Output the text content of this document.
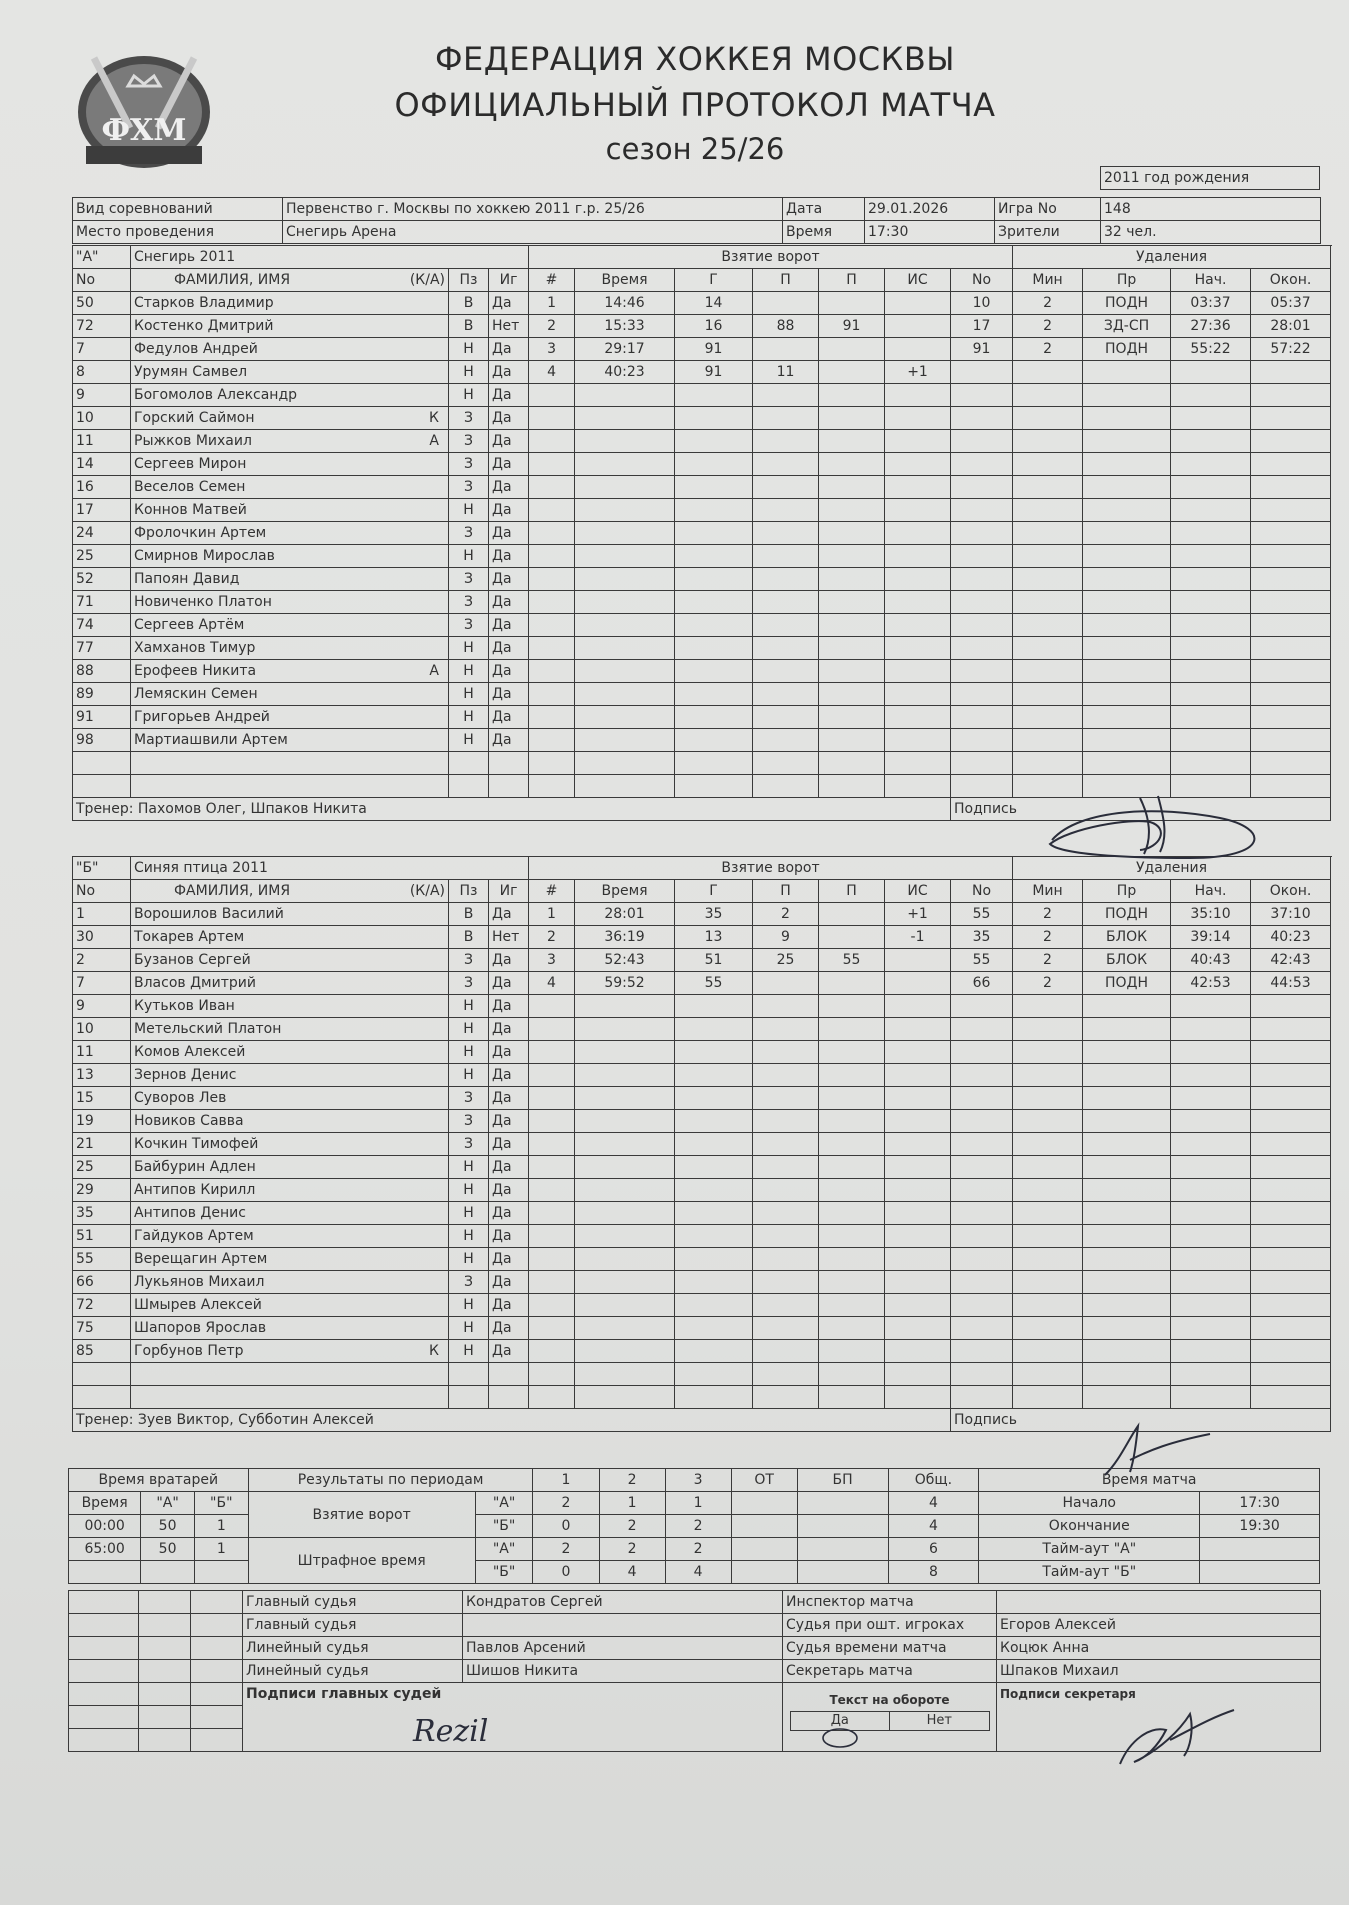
ФХМ
ФЕДЕРАЦИЯ ХОККЕЯ МОСКВЫ
ОФИЦИАЛЬНЫЙ ПРОТОКОЛ МАТЧА
сезон 25/26
2011 год рождения
Вид соревнований	Первенство г. Москвы по хоккею 2011 г.р. 25/26	Дата	29.01.2026	Игра No	148
Место проведения	Снегирь Арена	Время	17:30	Зрители	32 чел.
"А"	Снегирь 2011			Взятие ворот							Удаления			
No	ФАМИЛИЯ, ИМЯ (К/А)	Пз	Иг	#	Время	Г	П	П	ИС	No	Мин	Пр	Нач.	Окон.
50	Старков Владимир	В	Да	1	14:46	14				10	2	ПОДН	03:37	05:37
72	Костенко Дмитрий	В	Нет	2	15:33	16	88	91		17	2	ЗД-СП	27:36	28:01
7	Федулов Андрей	Н	Да	3	29:17	91				91	2	ПОДН	55:22	57:22
8	Урумян Самвел	Н	Да	4	40:23	91	11		+1					
9	Богомолов Александр	Н	Да											
10	Горский Саймон К	З	Да											
11	Рыжков Михаил А	З	Да											
14	Сергеев Мирон	З	Да											
16	Веселов Семен	З	Да											
17	Коннов Матвей	Н	Да											
24	Фролочкин Артем	З	Да											
25	Смирнов Мирослав	Н	Да											
52	Папоян Давид	З	Да											
71	Новиченко Платон	З	Да											
74	Сергеев Артём	З	Да											
77	Хамханов Тимур	Н	Да											
88	Ерофеев Никита А	Н	Да											
89	Лемяскин Семен	Н	Да											
91	Григорьев Андрей	Н	Да											
98	Мартиашвили Артем	Н	Да											

Тренер: Пахомов Олег, Шпаков Никита										Подпись				
"Б"	Синяя птица 2011			Взятие ворот							Удаления			
No	ФАМИЛИЯ, ИМЯ (К/А)	Пз	Иг	#	Время	Г	П	П	ИС	No	Мин	Пр	Нач.	Окон.
1	Ворошилов Василий	В	Да	1	28:01	35	2		+1	55	2	ПОДН	35:10	37:10
30	Токарев Артем	В	Нет	2	36:19	13	9		-1	35	2	БЛОК	39:14	40:23
2	Бузанов Сергей	З	Да	3	52:43	51	25	55		55	2	БЛОК	40:43	42:43
7	Власов Дмитрий	З	Да	4	59:52	55				66	2	ПОДН	42:53	44:53
9	Кутьков Иван	Н	Да											
10	Метельский Платон	Н	Да											
11	Комов Алексей	Н	Да											
13	Зернов Денис	Н	Да											
15	Суворов Лев	З	Да											
19	Новиков Савва	З	Да											
21	Кочкин Тимофей	З	Да											
25	Байбурин Адлен	Н	Да											
29	Антипов Кирилл	Н	Да											
35	Антипов Денис	Н	Да											
51	Гайдуков Артем	Н	Да											
55	Верещагин Артем	Н	Да											
66	Лукьянов Михаил	З	Да											
72	Шмырев Алексей	Н	Да											
75	Шапоров Ярослав	Н	Да											
85	Горбунов Петр К	Н	Да											

Тренер: Зуев Виктор, Субботин Алексей										Подпись				
Время вратарей			Результаты по периодам		1	2	3	ОТ	БП	Общ.	Время матча	
Время	"А"	"Б"	Взятие ворот	"А"	2	1	1			4	Начало	17:30
00:00	50	1		"Б"	0	2	2			4	Окончание	19:30
65:00	50	1	Штрафное время	"А"	2	2	2			6	Тайм-аут "А"	
				"Б"	0	4	4			8	Тайм-аут "Б"	
			Главный судья	Кондратов Сергей	Инспектор матча	
			Главный судья		Судья при ошт. игроках	Егоров Алексей
			Линейный судья	Павлов Арсений	Судья времени матча	Коцюк Анна
			Линейный судья	Шишов Никита	Секретарь матча	Шпаков Михаил
			Подписи главных судей	Текст на обороте
Да	Нет
	Подписи секретаря

Rezil
